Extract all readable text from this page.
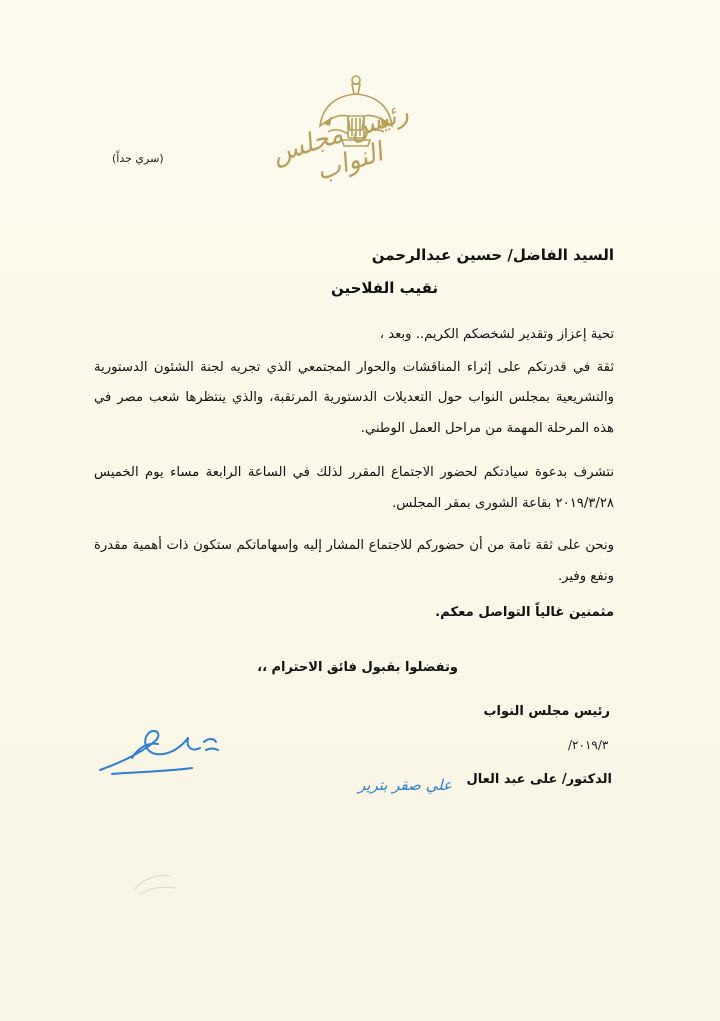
رئيس مجلس النواب
(سري جداً)
السيد الفاضل/ حسين عبدالرحمن
نقيب الفلاحين

تحية إعزاز وتقدير لشخصكم الكريم.. وبعد ،

ثقة في قدرتكم على إثراء المناقشات والحوار المجتمعي الذي تجريه لجنة الشئون الدستورية والتشريعية بمجلس النواب حول التعديلات الدستورية المرتقبة، والذي ينتظرها شعب مصر في هذه المرحلة المهمة من مراحل العمل الوطني.

نتشرف بدعوة سيادتكم لحضور الاجتماع المقرر لذلك في الساعة الرابعة مساء يوم الخميس ٢٠١٩/٣/٢٨ بقاعة الشورى بمقر المجلس.

ونحن على ثقة تامة من أن حضوركم للاجتماع المشار إليه وإسهاماتكم ستكون ذات أهمية مقدرة ونفع وفير.

مثمنين غالياً التواصل معكم.

وتفضلوا بقبول فائق الاحترام ،،
رئيس مجلس النواب
الدكتور/ على عبد العال
علي صقر بترير
٢٠١٩/٣/
